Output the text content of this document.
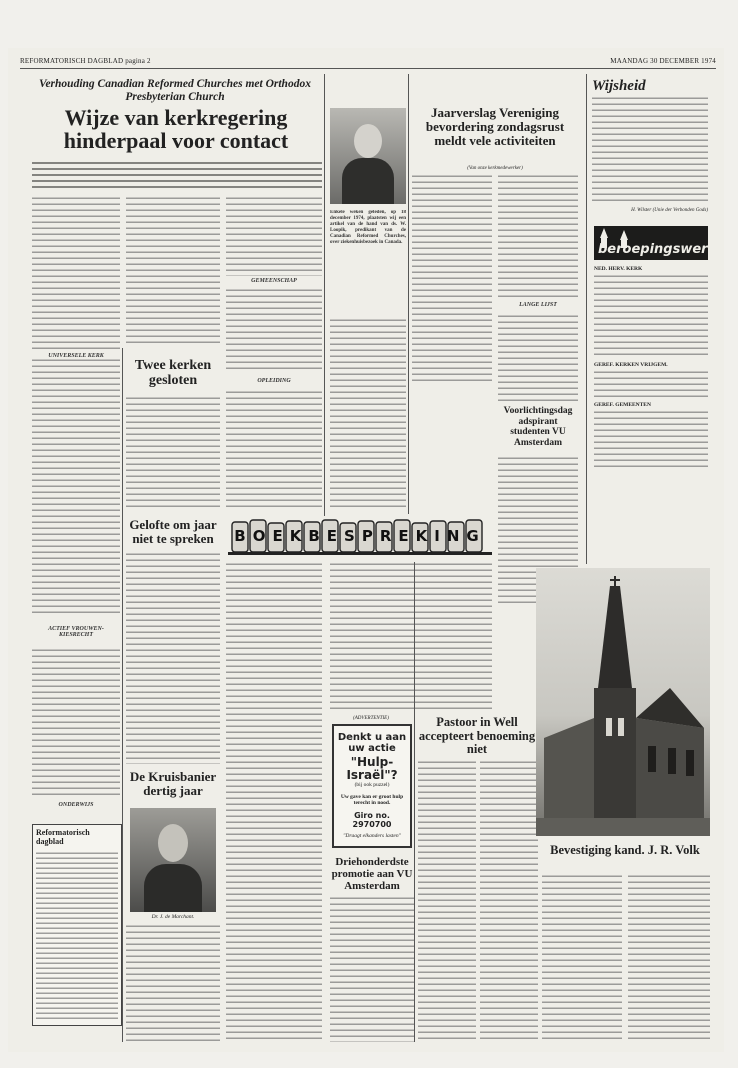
REFORMATORISCH DAGBLAD pagina 2	MAANDAG 30 DECEMBER 1974
Verhouding Canadian Reformed Churches met Orthodox Presbyterian Church
Wijze van kerkregering hinderpaal voor contact
UNIVERSELE KERK
ACTIEF VROUWEN-KIESRECHT
ONDERWIJS
Reformatorisch dagblad
GEMEENSCHAP
Enkele weken geleden, op 18 december 1974, plaatsten wij een artikel van de hand van ds. W. Loopik, predikant van de Canadian Reformed Churches, over ziekenhuisbezoek in Canada.
OPLEIDING
Twee kerken gesloten
Gelofte om jaar niet te spreken
De Kruisbanier dertig jaar
Dr. J. de Marchant.
BOEKBESPREKING
(ADVERTENTIE)
Denkt u aan uw actie
"Hulp-Israël"?
(bij ook puzzel)
Uw gave kan er groot hulp terecht in nood.
Giro no. 2970700
"Draagt elkanders lasten"
Driehonderdste promotie aan VU Amsterdam
Jaarverslag Vereniging bevordering zondagsrust meldt vele activiteiten
(Van onze kerkmedewerker)
LANGE LIJST
Voorlichtingsdag adspirant studenten VU Amsterdam
Pastoor in Well accepteert benoeming niet
Wijsheid
H. Wilster (Unie der Verbonden Gods)
beroepingswerk
NED. HERV. KERK
GEREF. KERKEN VRIJGEM.
GEREF. GEMEENTEN
Bevestiging kand. J. R. Volk
